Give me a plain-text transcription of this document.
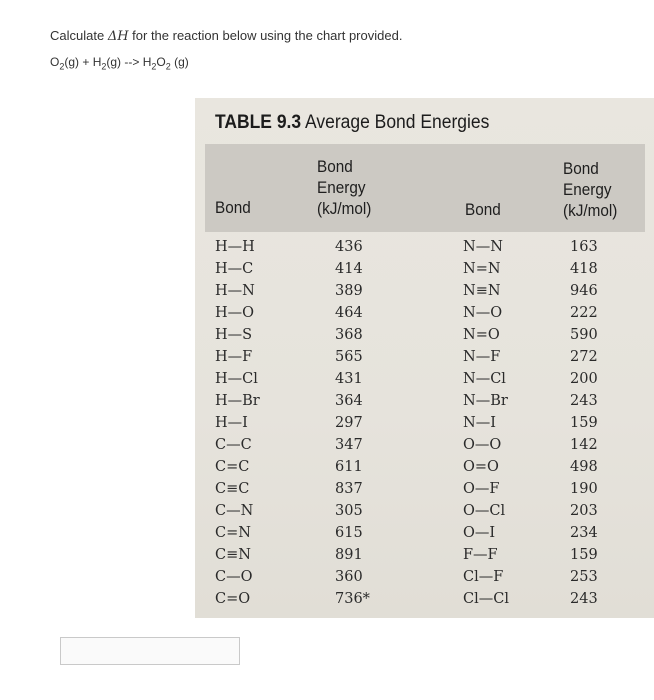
Calculate ΔH for the reaction below using the chart provided.
$O_2(g) + H_2(g)$ --> $H_2O_2$ (g)
TABLE 9.3 Average Bond Energies
Bond
Bond
Energy
(kJ/mol)	Bond
Bond
Energy
(kJ/mol)
H—H
H—C
H—N
H—O
H—S
H—F
H—Cl
H—Br
H—I
C—C
C=C
C≡C
C—N
C=N
C≡N
C—O
C=O
436
414
389
464
368
565
431
364
297
347
611
837
305
615
891
360
736*
N—N
N=N
N≡N
N—O
N=O
N—F
N—Cl
N—Br
N—I
O—O
O=O
O—F
O—Cl
O—I
F—F
Cl—F
Cl—Cl
163
418
946
222
590
272
200
243
159
142
498
190
203
234
159
253
243
